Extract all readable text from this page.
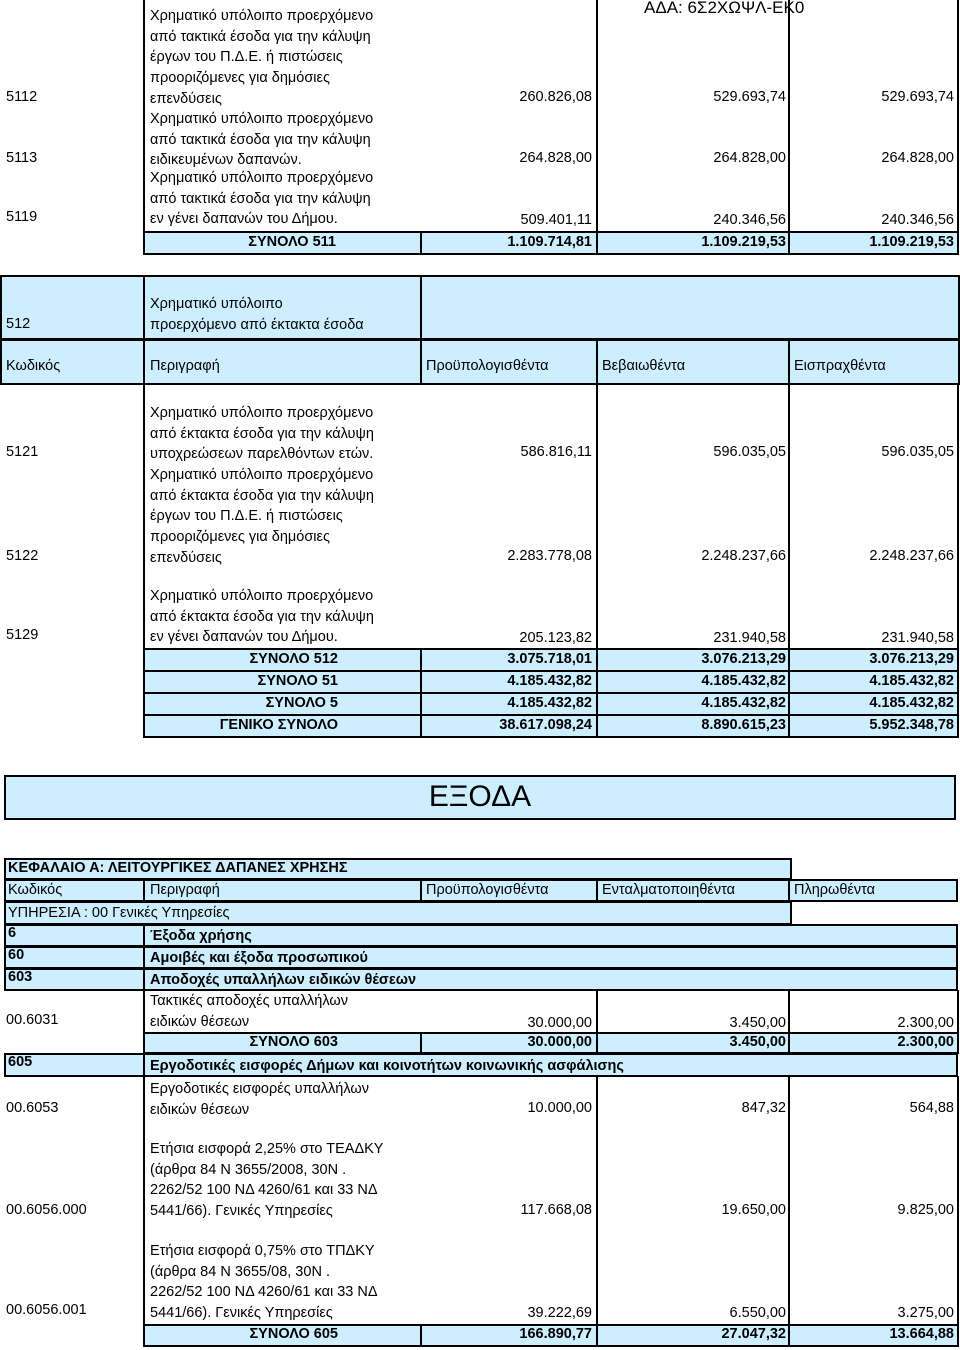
ΑΔΑ: 6Σ2ΧΩΨΛ-ΕΚ0
5112
Χρηματικό υπόλοιπο προερχόμενο
από τακτικά έσοδα για την κάλυψη
έργων του Π.Δ.Ε. ή πιστώσεις
προοριζόμενες για δημόσιες
επενδύσεις	260.826,08	529.693,74	529.693,74
5113
Χρηματικό υπόλοιπο προερχόμενο
από τακτικά έσοδα για την κάλυψη
ειδικευμένων δαπανών.	264.828,00	264.828,00	264.828,00
5119
Χρηματικό υπόλοιπο προερχόμενο
από τακτικά έσοδα για την κάλυψη
εν γένει δαπανών του Δήμου.	509.401,11	240.346,56	240.346,56
ΣΥΝΟΛΟ 511	1.109.714,81	1.109.219,53	1.109.219,53
512
Χρηματικό υπόλοιπο
προερχόμενο από έκτακτα έσοδα
Κωδικός	Περιγραφή	Προϋπολογισθέντα	Βεβαιωθέντα	Εισπραχθέντα
5121
Χρηματικό υπόλοιπο προερχόμενο
από έκτακτα έσοδα για την κάλυψη
υποχρεώσεων παρελθόντων ετών.	586.816,11	596.035,05	596.035,05
5122
Χρηματικό υπόλοιπο προερχόμενο
από έκτακτα έσοδα για την κάλυψη
έργων του Π.Δ.Ε. ή πιστώσεις
προοριζόμενες για δημόσιες
επενδύσεις	2.283.778,08	2.248.237,66	2.248.237,66
5129
Χρηματικό υπόλοιπο προερχόμενο
από έκτακτα έσοδα για την κάλυψη
εν γένει δαπανών του Δήμου.	205.123,82	231.940,58	231.940,58
ΣΥΝΟΛΟ 512	3.075.718,01	3.076.213,29	3.076.213,29
ΣΥΝΟΛΟ 51	4.185.432,82	4.185.432,82	4.185.432,82
ΣΥΝΟΛΟ 5	4.185.432,82	4.185.432,82	4.185.432,82
ΓΕΝΙΚΟ ΣΥΝΟΛΟ	38.617.098,24	8.890.615,23	5.952.348,78
ΕΞΟΔΑ
ΚΕΦΑΛΑΙΟ Α: ΛΕΙΤΟΥΡΓΙΚΕΣ ΔΑΠΑΝΕΣ ΧΡΗΣΗΣ
Κωδικός	Περιγραφή	Προϋπολογισθέντα	Ενταλματοποιηθέντα	Πληρωθέντα
ΥΠΗΡΕΣΙΑ : 00 Γενικές Υπηρεσίες
6	Έξοδα χρήσης
60	Αμοιβές και έξοδα προσωπικού
603	Αποδοχές υπαλλήλων ειδικών θέσεων
00.6031
Τακτικές αποδοχές υπαλλήλων
ειδικών θέσεων	30.000,00	3.450,00	2.300,00
ΣΥΝΟΛΟ 603	30.000,00	3.450,00	2.300,00
605	Εργοδοτικές εισφορές Δήμων και κοινοτήτων κοινωνικής ασφάλισης
00.6053
Εργοδοτικές εισφορές υπαλλήλων
ειδικών θέσεων	10.000,00	847,32	564,88
00.6056.000
Ετήσια εισφορά 2,25% στο ΤΕΑΔΚΥ
(άρθρα 84 Ν 3655/2008, 30Ν .
2262/52 100 ΝΔ 4260/61 και 33 ΝΔ
5441/66). Γενικές Υπηρεσίες	117.668,08	19.650,00	9.825,00
00.6056.001
Ετήσια εισφορά 0,75% στο ΤΠΔΚΥ
(άρθρα 84 Ν 3655/08, 30Ν .
2262/52 100 ΝΔ 4260/61 και 33 ΝΔ
5441/66). Γενικές Υπηρεσίες	39.222,69	6.550,00	3.275,00
ΣΥΝΟΛΟ 605	166.890,77	27.047,32	13.664,88
